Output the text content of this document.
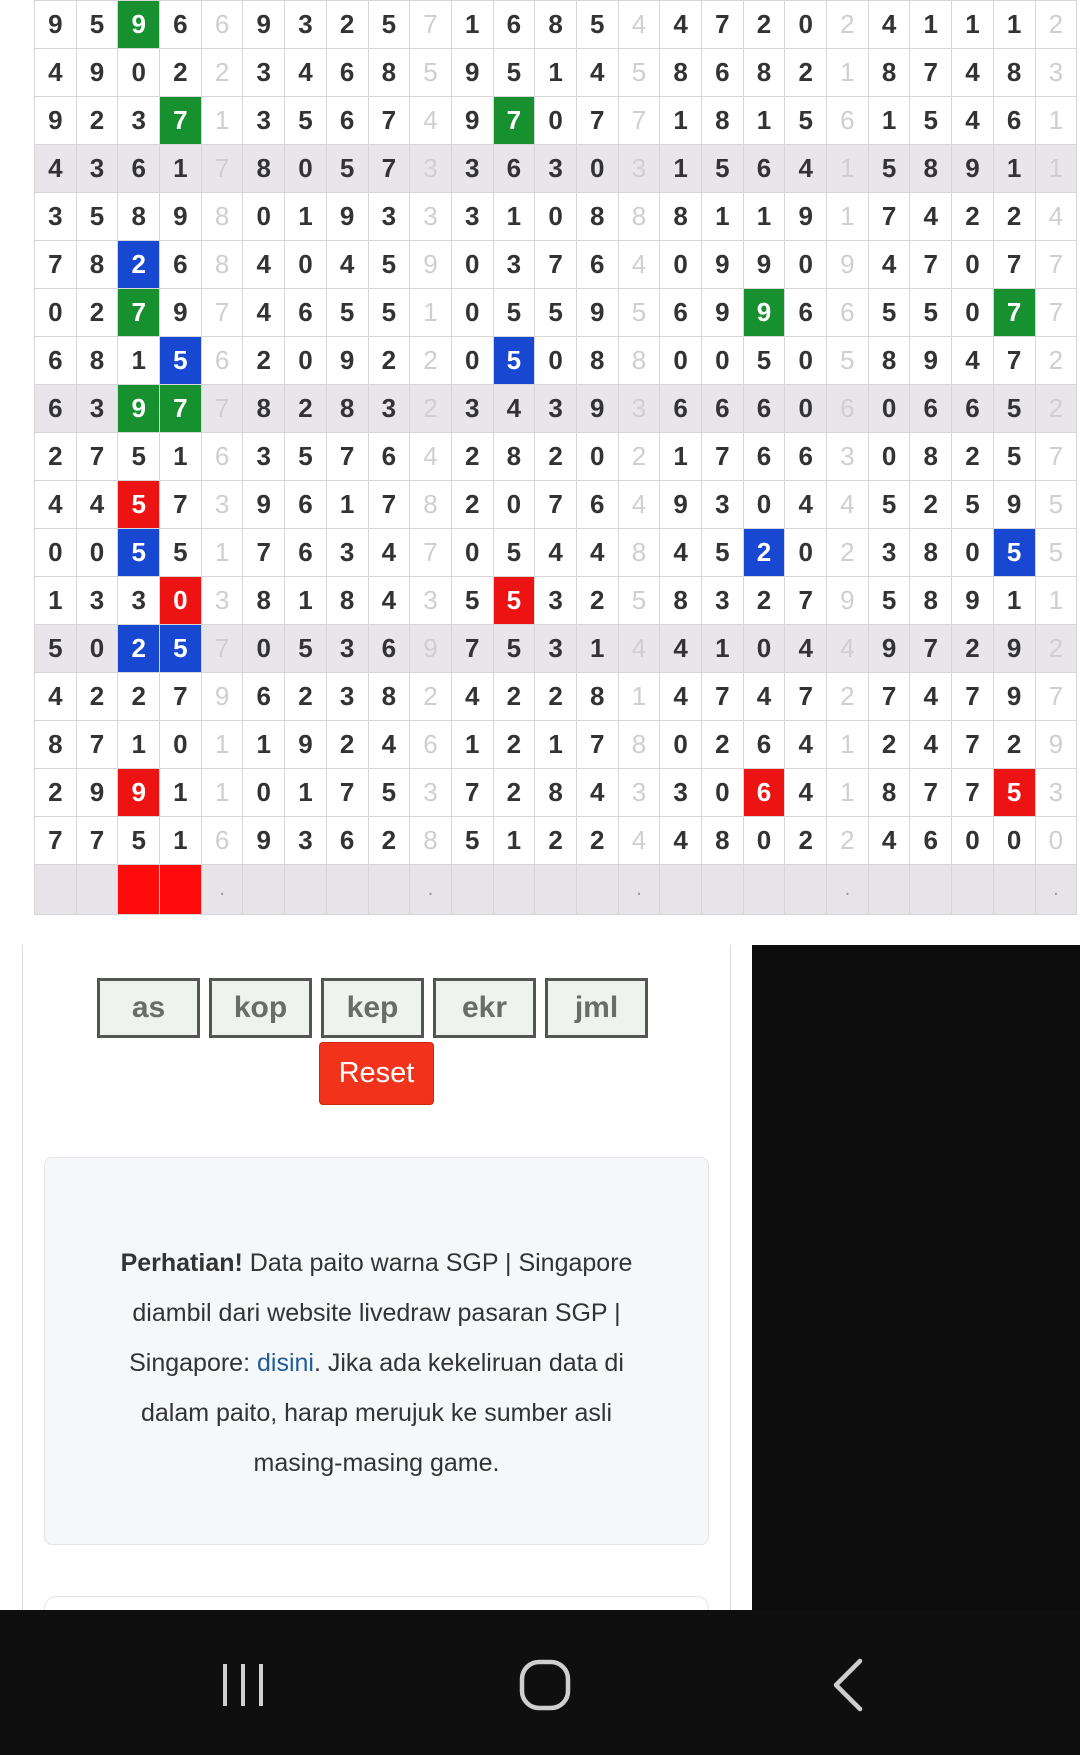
9	5	9	6	6	9	3	2	5	7	1	6	8	5	4	4	7	2	0	2	4	1	1	1	2
4	9	0	2	2	3	4	6	8	5	9	5	1	4	5	8	6	8	2	1	8	7	4	8	3
9	2	3	7	1	3	5	6	7	4	9	7	0	7	7	1	8	1	5	6	1	5	4	6	1
4	3	6	1	7	8	0	5	7	3	3	6	3	0	3	1	5	6	4	1	5	8	9	1	1
3	5	8	9	8	0	1	9	3	3	3	1	0	8	8	8	1	1	9	1	7	4	2	2	4
7	8	2	6	8	4	0	4	5	9	0	3	7	6	4	0	9	9	0	9	4	7	0	7	7
0	2	7	9	7	4	6	5	5	1	0	5	5	9	5	6	9	9	6	6	5	5	0	7	7
6	8	1	5	6	2	0	9	2	2	0	5	0	8	8	0	0	5	0	5	8	9	4	7	2
6	3	9	7	7	8	2	8	3	2	3	4	3	9	3	6	6	6	0	6	0	6	6	5	2
2	7	5	1	6	3	5	7	6	4	2	8	2	0	2	1	7	6	6	3	0	8	2	5	7
4	4	5	7	3	9	6	1	7	8	2	0	7	6	4	9	3	0	4	4	5	2	5	9	5
0	0	5	5	1	7	6	3	4	7	0	5	4	4	8	4	5	2	0	2	3	8	0	5	5
1	3	3	0	3	8	1	8	4	3	5	5	3	2	5	8	3	2	7	9	5	8	9	1	1
5	0	2	5	7	0	5	3	6	9	7	5	3	1	4	4	1	0	4	4	9	7	2	9	2
4	2	2	7	9	6	2	3	8	2	4	2	2	8	1	4	7	4	7	2	7	4	7	9	7
8	7	1	0	1	1	9	2	4	6	1	2	1	7	8	0	2	6	4	1	2	4	7	2	9
2	9	9	1	1	0	1	7	5	3	7	2	8	4	3	3	0	6	4	1	8	7	7	5	3
7	7	5	1	6	9	3	6	2	8	5	1	2	2	4	4	8	0	2	2	4	6	0	0	0
				.					.					.					.					.
as	kop	kep	ekr	jml
Reset
Perhatian! Data paito warna SGP | Singapore diambil dari website livedraw pasaran SGP | Singapore: disini. Jika ada kekeliruan data di dalam paito, harap merujuk ke sumber asli masing-masing game.
